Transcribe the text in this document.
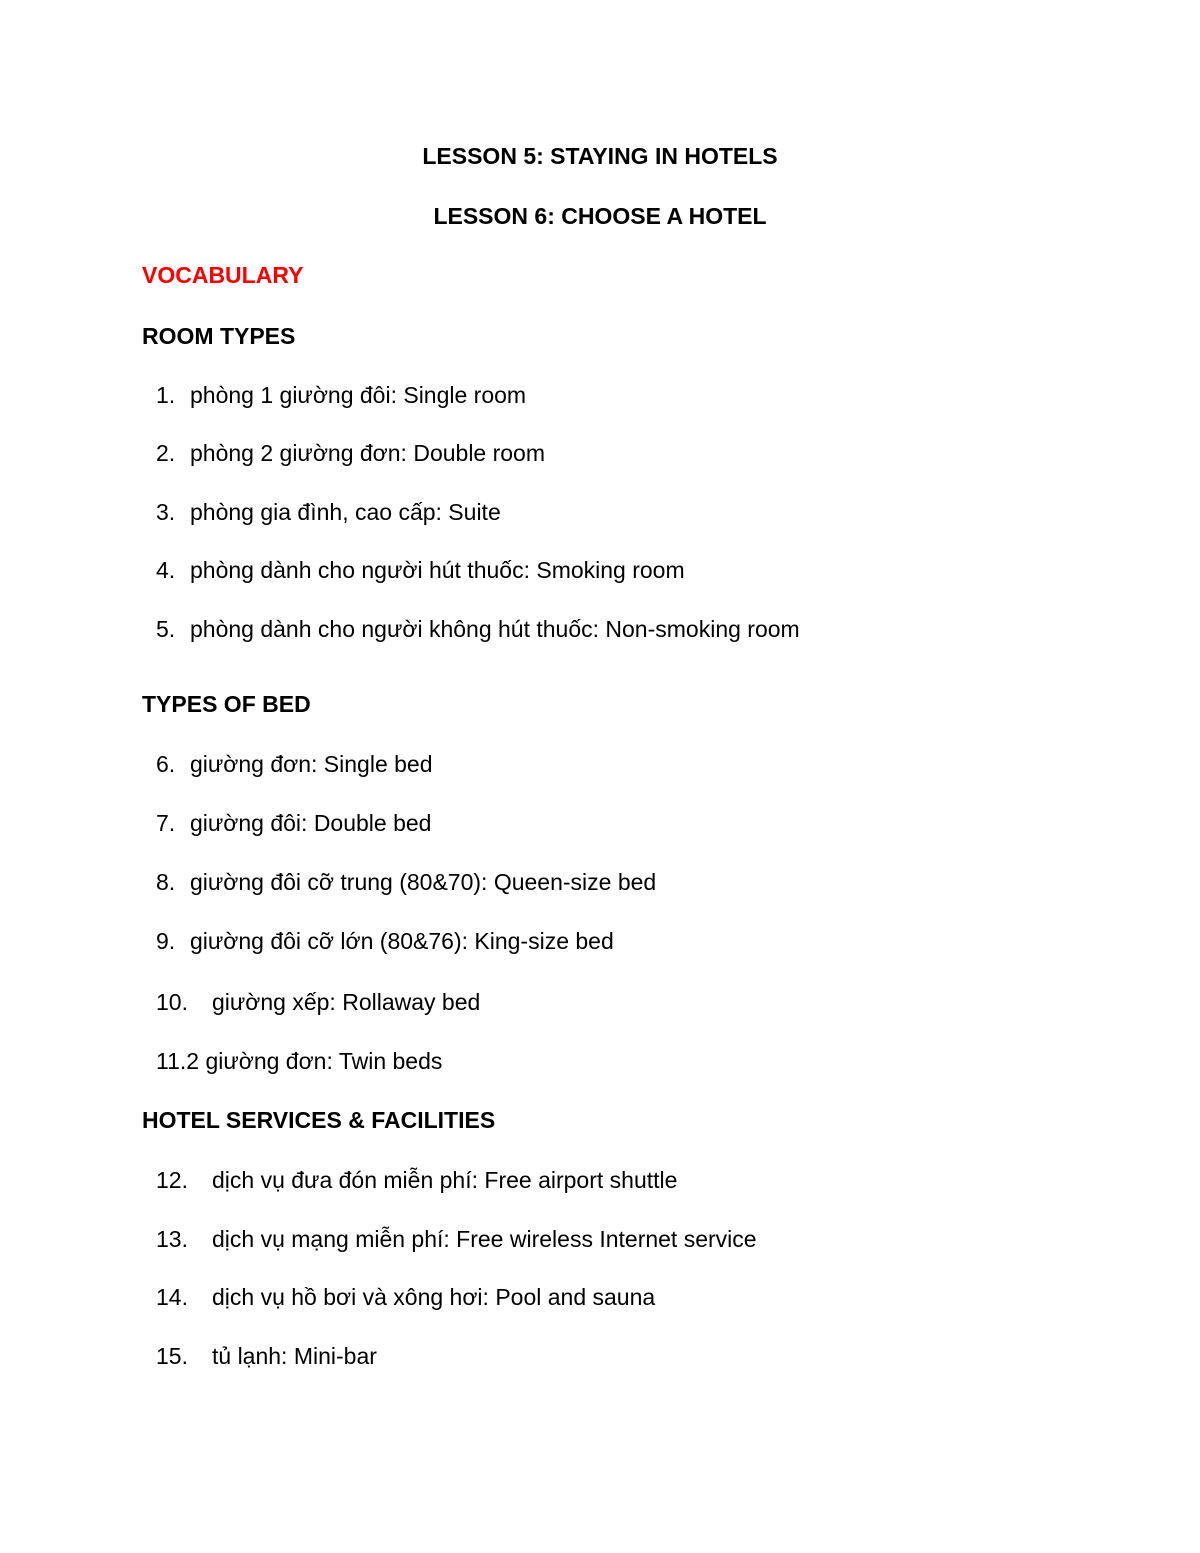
LESSON 5: STAYING IN HOTELS
LESSON 6: CHOOSE A HOTEL
VOCABULARY
ROOM TYPES
1. phòng 1 giường đôi: Single room
2. phòng 2 giường đơn: Double room
3. phòng gia đình, cao cấp: Suite
4. phòng dành cho người hút thuốc: Smoking room
5. phòng dành cho người không hút thuốc: Non-smoking room
TYPES OF BED
6. giường đơn: Single bed
7. giường đôi: Double bed
8. giường đôi cỡ trung (80&70): Queen-size bed
9. giường đôi cỡ lớn (80&76): King-size bed
10. giường xếp: Rollaway bed
11.2 giường đơn: Twin beds
HOTEL SERVICES & FACILITIES
12. dịch vụ đưa đón miễn phí: Free airport shuttle
13. dịch vụ mạng miễn phí: Free wireless Internet service
14. dịch vụ hồ bơi và xông hơi: Pool and sauna
15. tủ lạnh: Mini-bar
